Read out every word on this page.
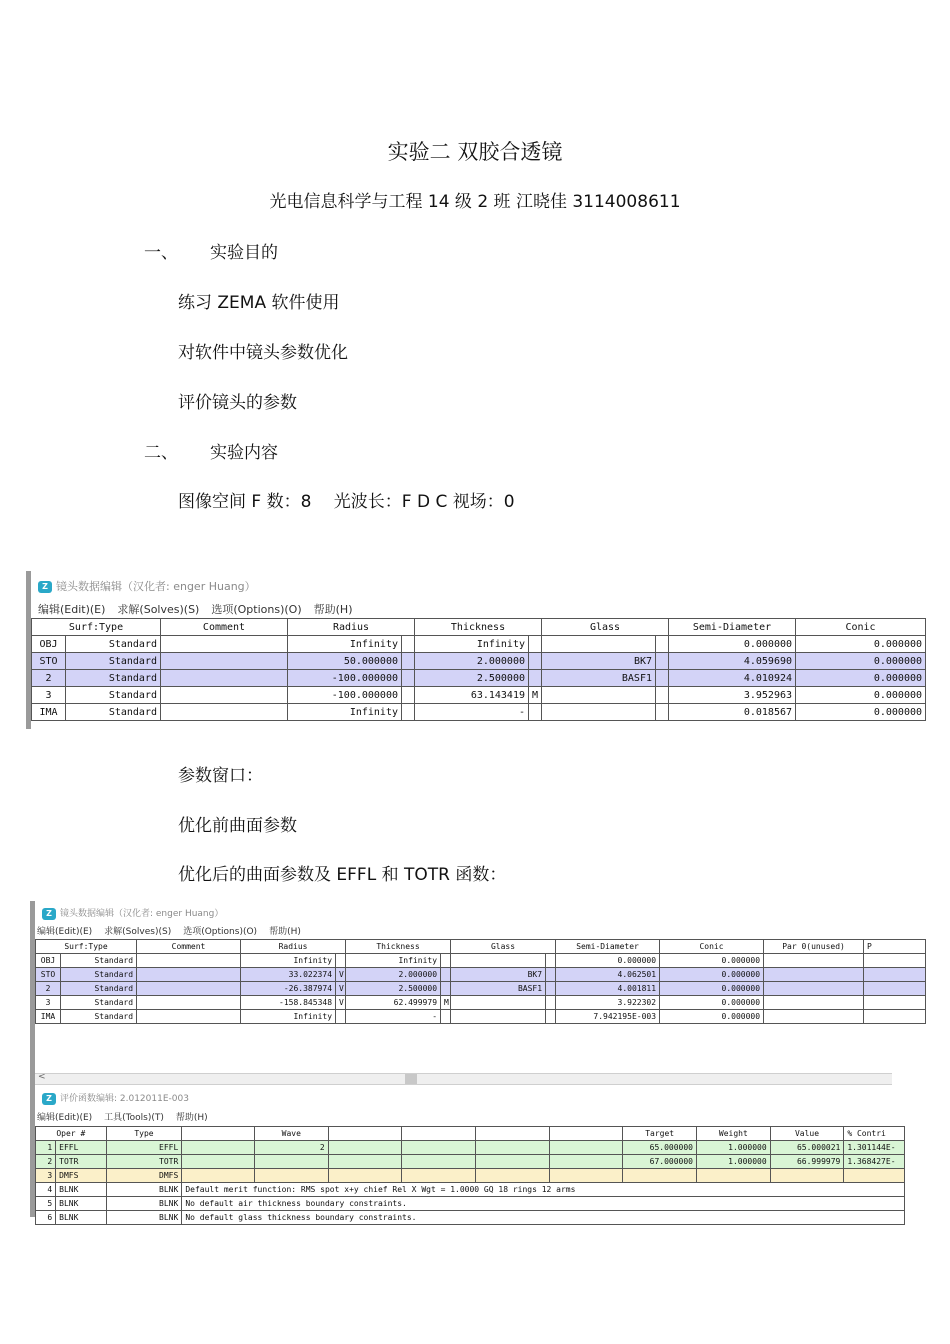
实验二 双胶合透镜
光电信息科学与工程 14 级 2 班 江晓佳 3114008611
一、 实验目的
练习 ZEMA 软件使用
对软件中镜头参数优化
评价镜头的参数
二、 实验内容
图像空间 F 数：8　 光波长：F D C 视场：0
Z 镜头数据编辑（汉化者: enger Huang）
编辑(Edit)(E) 求解(Solves)(S) 选项(Options)(O) 帮助(H)
Surf:Type		Comment	Radius		Thickness		Glass		Semi-Diameter	Conic
OBJ	Standard		Infinity		Infinity				0.000000	0.000000
STO	Standard		50.000000		2.000000		BK7		4.059690	0.000000
2	Standard		-100.000000		2.500000		BASF1		4.010924	0.000000
3	Standard		-100.000000		63.143419	M			3.952963	0.000000
IMA	Standard		Infinity		-				0.018567	0.000000
参数窗口：
优化前曲面参数
优化后的曲面参数及 EFFL 和 TOTR 函数：
Z 镜头数据编辑（汉化者: enger Huang）
编辑(Edit)(E) 求解(Solves)(S) 选项(Options)(O) 帮助(H)
Surf:Type		Comment	Radius		Thickness		Glass		Semi-Diameter	Conic	Par 0(unused)	P
OBJ	Standard		Infinity		Infinity				0.000000	0.000000		
STO	Standard		33.022374	V	2.000000		BK7		4.062501	0.000000		
2	Standard		-26.387974	V	2.500000		BASF1		4.001811	0.000000		
3	Standard		-158.845348	V	62.499979	M			3.922302	0.000000		
IMA	Standard		Infinity		-				7.942195E-003	0.000000		
<
Z 评价函数编辑: 2.012011E-003
编辑(Edit)(E) 工具(Tools)(T) 帮助(H)
Oper #		Type		Wave					Target	Weight	Value	% Contri
1	EFFL	EFFL		2					65.000000	1.000000	65.000021	1.301144E-
2	TOTR	TOTR							67.000000	1.000000	66.999979	1.368427E-
3	DMFS	DMFS										
4	BLNK	BLNK	Default merit function: RMS spot x+y chief Rel X Wgt = 1.0000 GQ 18 rings 12 arms									
5	BLNK	BLNK	No default air thickness boundary constraints.									
6	BLNK	BLNK	No default glass thickness boundary constraints.									
